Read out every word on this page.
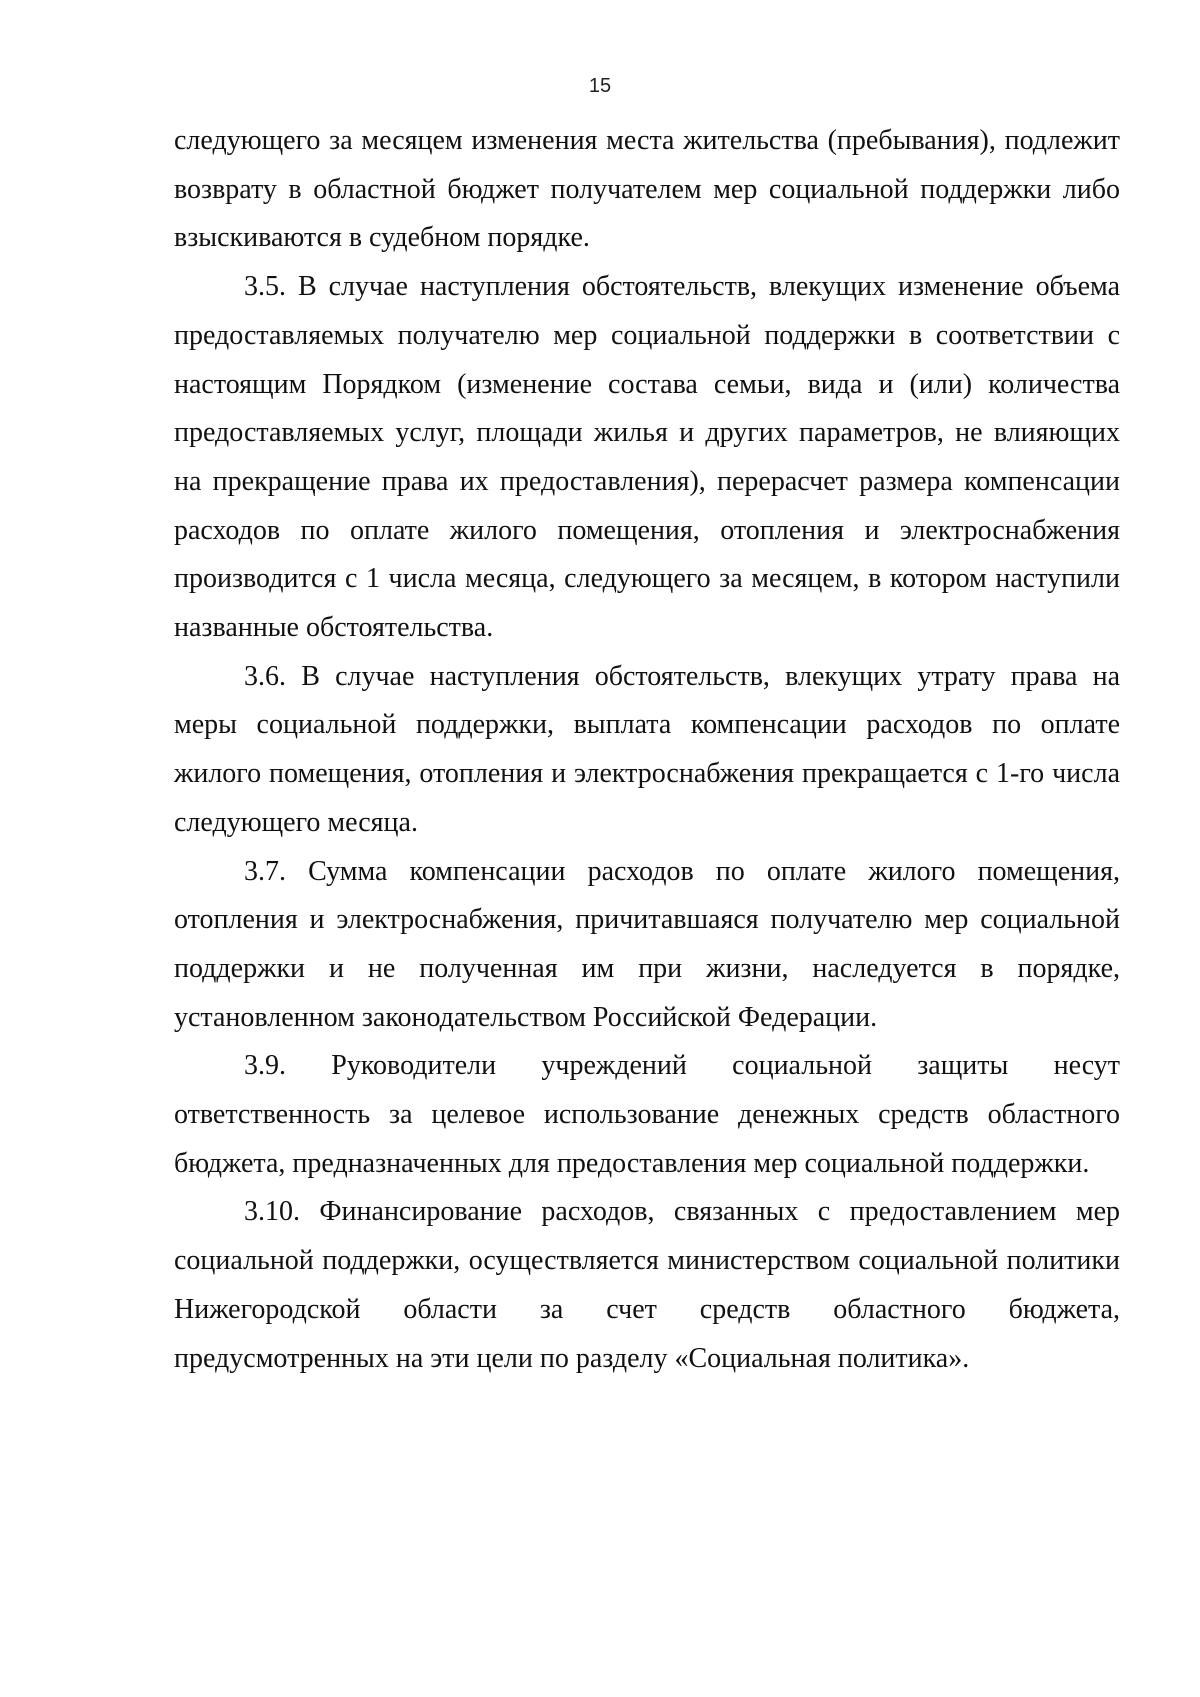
15

следующего за месяцем изменения места жительства (пребывания), подлежит возврату в областной бюджет получателем мер социальной поддержки либо взыскиваются в судебном порядке.

3.5. В случае наступления обстоятельств, влекущих изменение объема предоставляемых получателю мер социальной поддержки в соответствии с настоящим Порядком (изменение состава семьи, вида и (или) количества предоставляемых услуг, площади жилья и других параметров, не влияющих на прекращение права их предоставления), перерасчет размера компенсации расходов по оплате жилого помещения, отопления и электроснабжения производится с 1 числа месяца, следующего за месяцем, в котором наступили названные обстоятельства.

3.6. В случае наступления обстоятельств, влекущих утрату права на меры социальной поддержки, выплата компенсации расходов по оплате жилого помещения, отопления и электроснабжения прекращается с 1-го числа следующего месяца.

3.7. Сумма компенсации расходов по оплате жилого помещения, отопления и электроснабжения, причитавшаяся получателю мер социальной поддержки и не полученная им при жизни, наследуется в порядке, установленном законодательством Российской Федерации.

3.9. Руководители учреждений социальной защиты несут ответственность за целевое использование денежных средств областного бюджета, предназначенных для предоставления мер социальной поддержки.

3.10. Финансирование расходов, связанных с предоставлением мер социальной поддержки, осуществляется министерством социальной политики Нижегородской области за счет средств областного бюджета, предусмотренных на эти цели по разделу «Социальная политика».
